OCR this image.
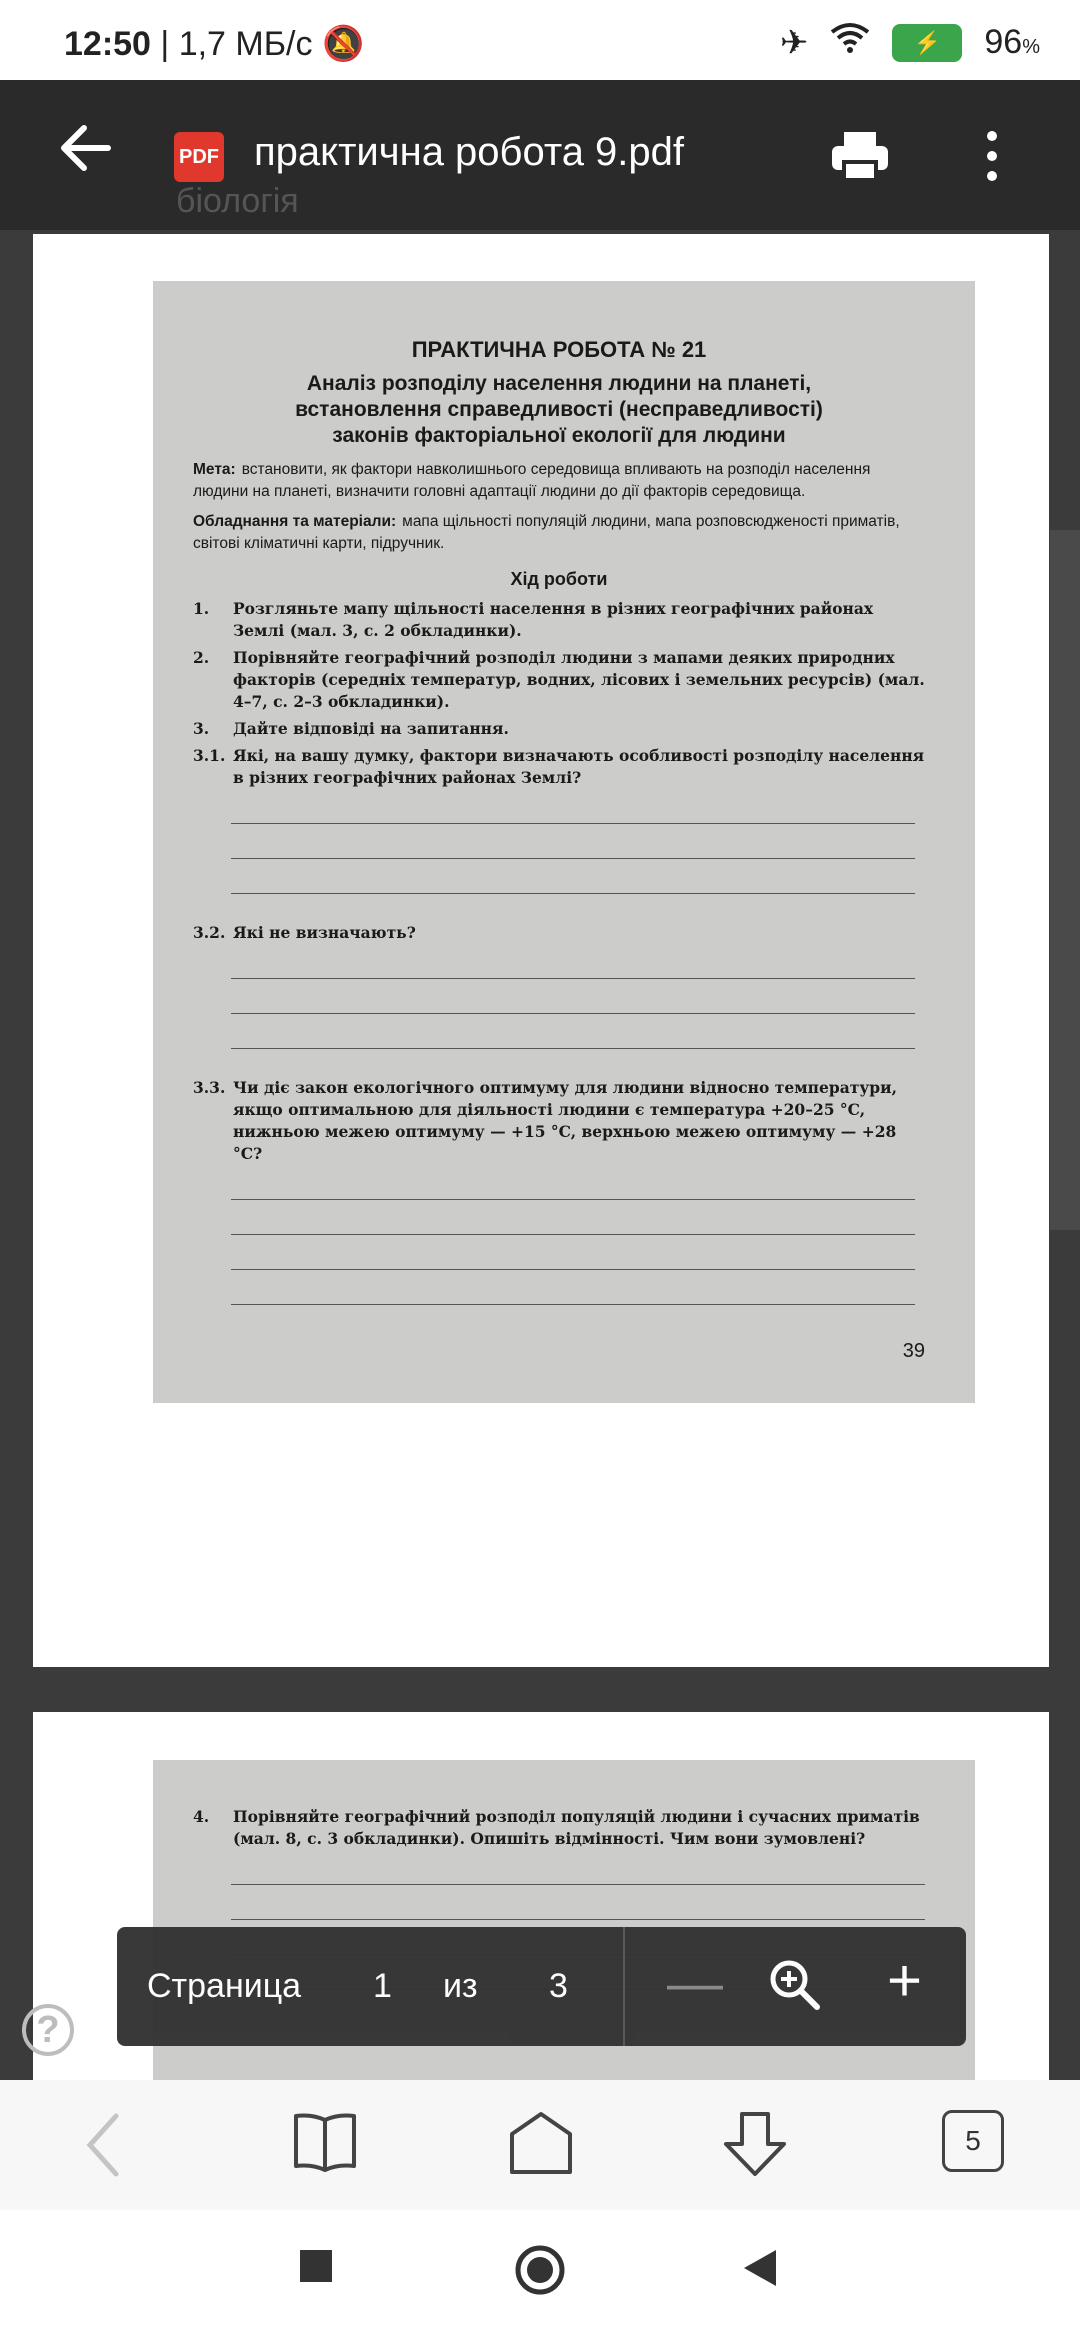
12:50 | 1,7 МБ/с 🔕	✈	⚡	96%
біологія
PDF практична робота 9.pdf
ПРАКТИЧНА РОБОТА № 21
Аналіз розподілу населення людини на планеті,
встановлення справедливості (несправедливості)
законів факторіальної екології для людини
Мета: встановити, як фактори навколишнього середовища впливають на розподіл населення людини на планеті, визначити головні адаптації людини до дії факторів середовища.
Обладнання та матеріали: мапа щільності популяцій людини, мапа розповсюдженості приматів, світові кліматичні карти, підручник.
Хід роботи
1.	Розгляньте мапу щільності населення в різних географічних районах Землі (мал. 3, с. 2 обкладинки).
2.	Порівняйте географічний розподіл людини з мапами деяких природних факторів (середніх температур, водних, лісових і земельних ресурсів) (мал. 4–7, с. 2–3 обкладинки).
3.	Дайте відповіді на запитання.
3.1. Які, на вашу думку, фактори визначають особливості розподілу населення в різних географічних районах Землі?
3.2. Які не визначають?
3.3. Чи діє закон екологічного оптимуму для людини відносно температури, якщо оптимальною для діяльності людини є температура +20–25 °C, нижньою межею оптимуму — +15 °C, верхньою межею оптимуму — +28 °C?
39
4.	Порівняйте географічний розподіл популяцій людини і сучасних приматів (мал. 8, с. 3 обкладинки). Опишіть відмінності. Чим вони зумовлені?
Страница 1 из 3 —	+
?
5
